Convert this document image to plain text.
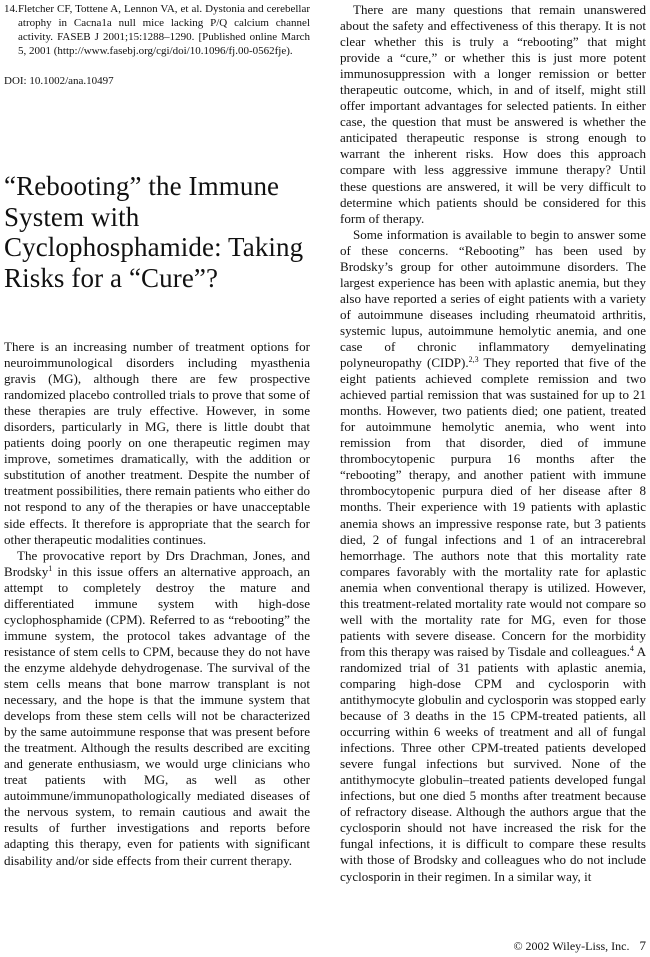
14.Fletcher CF, Tottene A, Lennon VA, et al. Dystonia and cerebellar atrophy in Cacna1a null mice lacking P/Q calcium channel activity. FASEB J 2001;15:1288–1290. [Published online March 5, 2001 (http://www.fasebj.org/cgi/doi/10.1096/fj.00-0562fje).
DOI: 10.1002/ana.10497
“Rebooting” the Immune System with Cyclophosphamide: Taking Risks for a “Cure”?

There is an increasing number of treatment options for neuroimmunological disorders including myasthenia gravis (MG), although there are few prospective randomized placebo controlled trials to prove that some of these therapies are truly effective. However, in some disorders, particularly in MG, there is little doubt that patients doing poorly on one therapeutic regimen may improve, sometimes dramatically, with the addition or substitution of another treatment. Despite the number of treatment possibilities, there remain patients who either do not respond to any of the therapies or have unacceptable side effects. It therefore is appropriate that the search for other therapeutic modalities continues.

The provocative report by Drs Drachman, Jones, and Brodsky$^1$ in this issue offers an alternative approach, an attempt to completely destroy the mature and differentiated immune system with high-dose cyclophosphamide (CPM). Referred to as “rebooting” the immune system, the protocol takes advantage of the resistance of stem cells to CPM, because they do not have the enzyme aldehyde dehydrogenase. The survival of the stem cells means that bone marrow transplant is not necessary, and the hope is that the immune system that develops from these stem cells will not be characterized by the same autoimmune response that was present before the treatment. Although the results described are exciting and generate enthusiasm, we would urge clinicians who treat patients with MG, as well as other autoimmune/immunopathologically mediated diseases of the nervous system, to remain cautious and await the results of further investigations and reports before adapting this therapy, even for patients with significant disability and/or side effects from their current therapy.

There are many questions that remain unanswered about the safety and effectiveness of this therapy. It is not clear whether this is truly a “rebooting” that might provide a “cure,” or whether this is just more potent immunosuppression with a longer remission or better therapeutic outcome, which, in and of itself, might still offer important advantages for selected patients. In either case, the question that must be answered is whether the anticipated therapeutic response is strong enough to warrant the inherent risks. How does this approach compare with less aggressive immune therapy? Until these questions are answered, it will be very difficult to determine which patients should be considered for this form of therapy.

Some information is available to begin to answer some of these concerns. “Rebooting” has been used by Brodsky’s group for other autoimmune disorders. The largest experience has been with aplastic anemia, but they also have reported a series of eight patients with a variety of autoimmune diseases including rheumatoid arthritis, systemic lupus, autoimmune hemolytic anemia, and one case of chronic inflammatory demyelinating polyneuropathy (CIDP).$^{2,3}$ They reported that five of the eight patients achieved complete remission and two achieved partial remission that was sustained for up to 21 months. However, two patients died; one patient, treated for autoimmune hemolytic anemia, who went into remission from that disorder, died of immune thrombocytopenic purpura 16 months after the “rebooting” therapy, and another patient with immune thrombocytopenic purpura died of her disease after 8 months. Their experience with 19 patients with aplastic anemia shows an impressive response rate, but 3 patients died, 2 of fungal infections and 1 of an intracerebral hemorrhage. The authors note that this mortality rate compares favorably with the mortality rate for aplastic anemia when conventional therapy is utilized. However, this treatment-related mortality rate would not compare so well with the mortality rate for MG, even for those patients with severe disease. Concern for the morbidity from this therapy was raised by Tisdale and colleagues.$^4$ A randomized trial of 31 patients with aplastic anemia, comparing high-dose CPM and cyclosporin with antithymocyte globulin and cyclosporin was stopped early because of 3 deaths in the 15 CPM-treated patients, all occurring within 6 weeks of treatment and all of fungal infections. Three other CPM-treated patients developed severe fungal infections but survived. None of the antithymocyte globulin–treated patients developed fungal infections, but one died 5 months after treatment because of refractory disease. Although the authors argue that the cyclosporin should not have increased the risk for the fungal infections, it is difficult to compare these results with those of Brodsky and colleagues who do not include cyclosporin in their regimen. In a similar way, it

© 2002 Wiley-Liss, Inc. 7
